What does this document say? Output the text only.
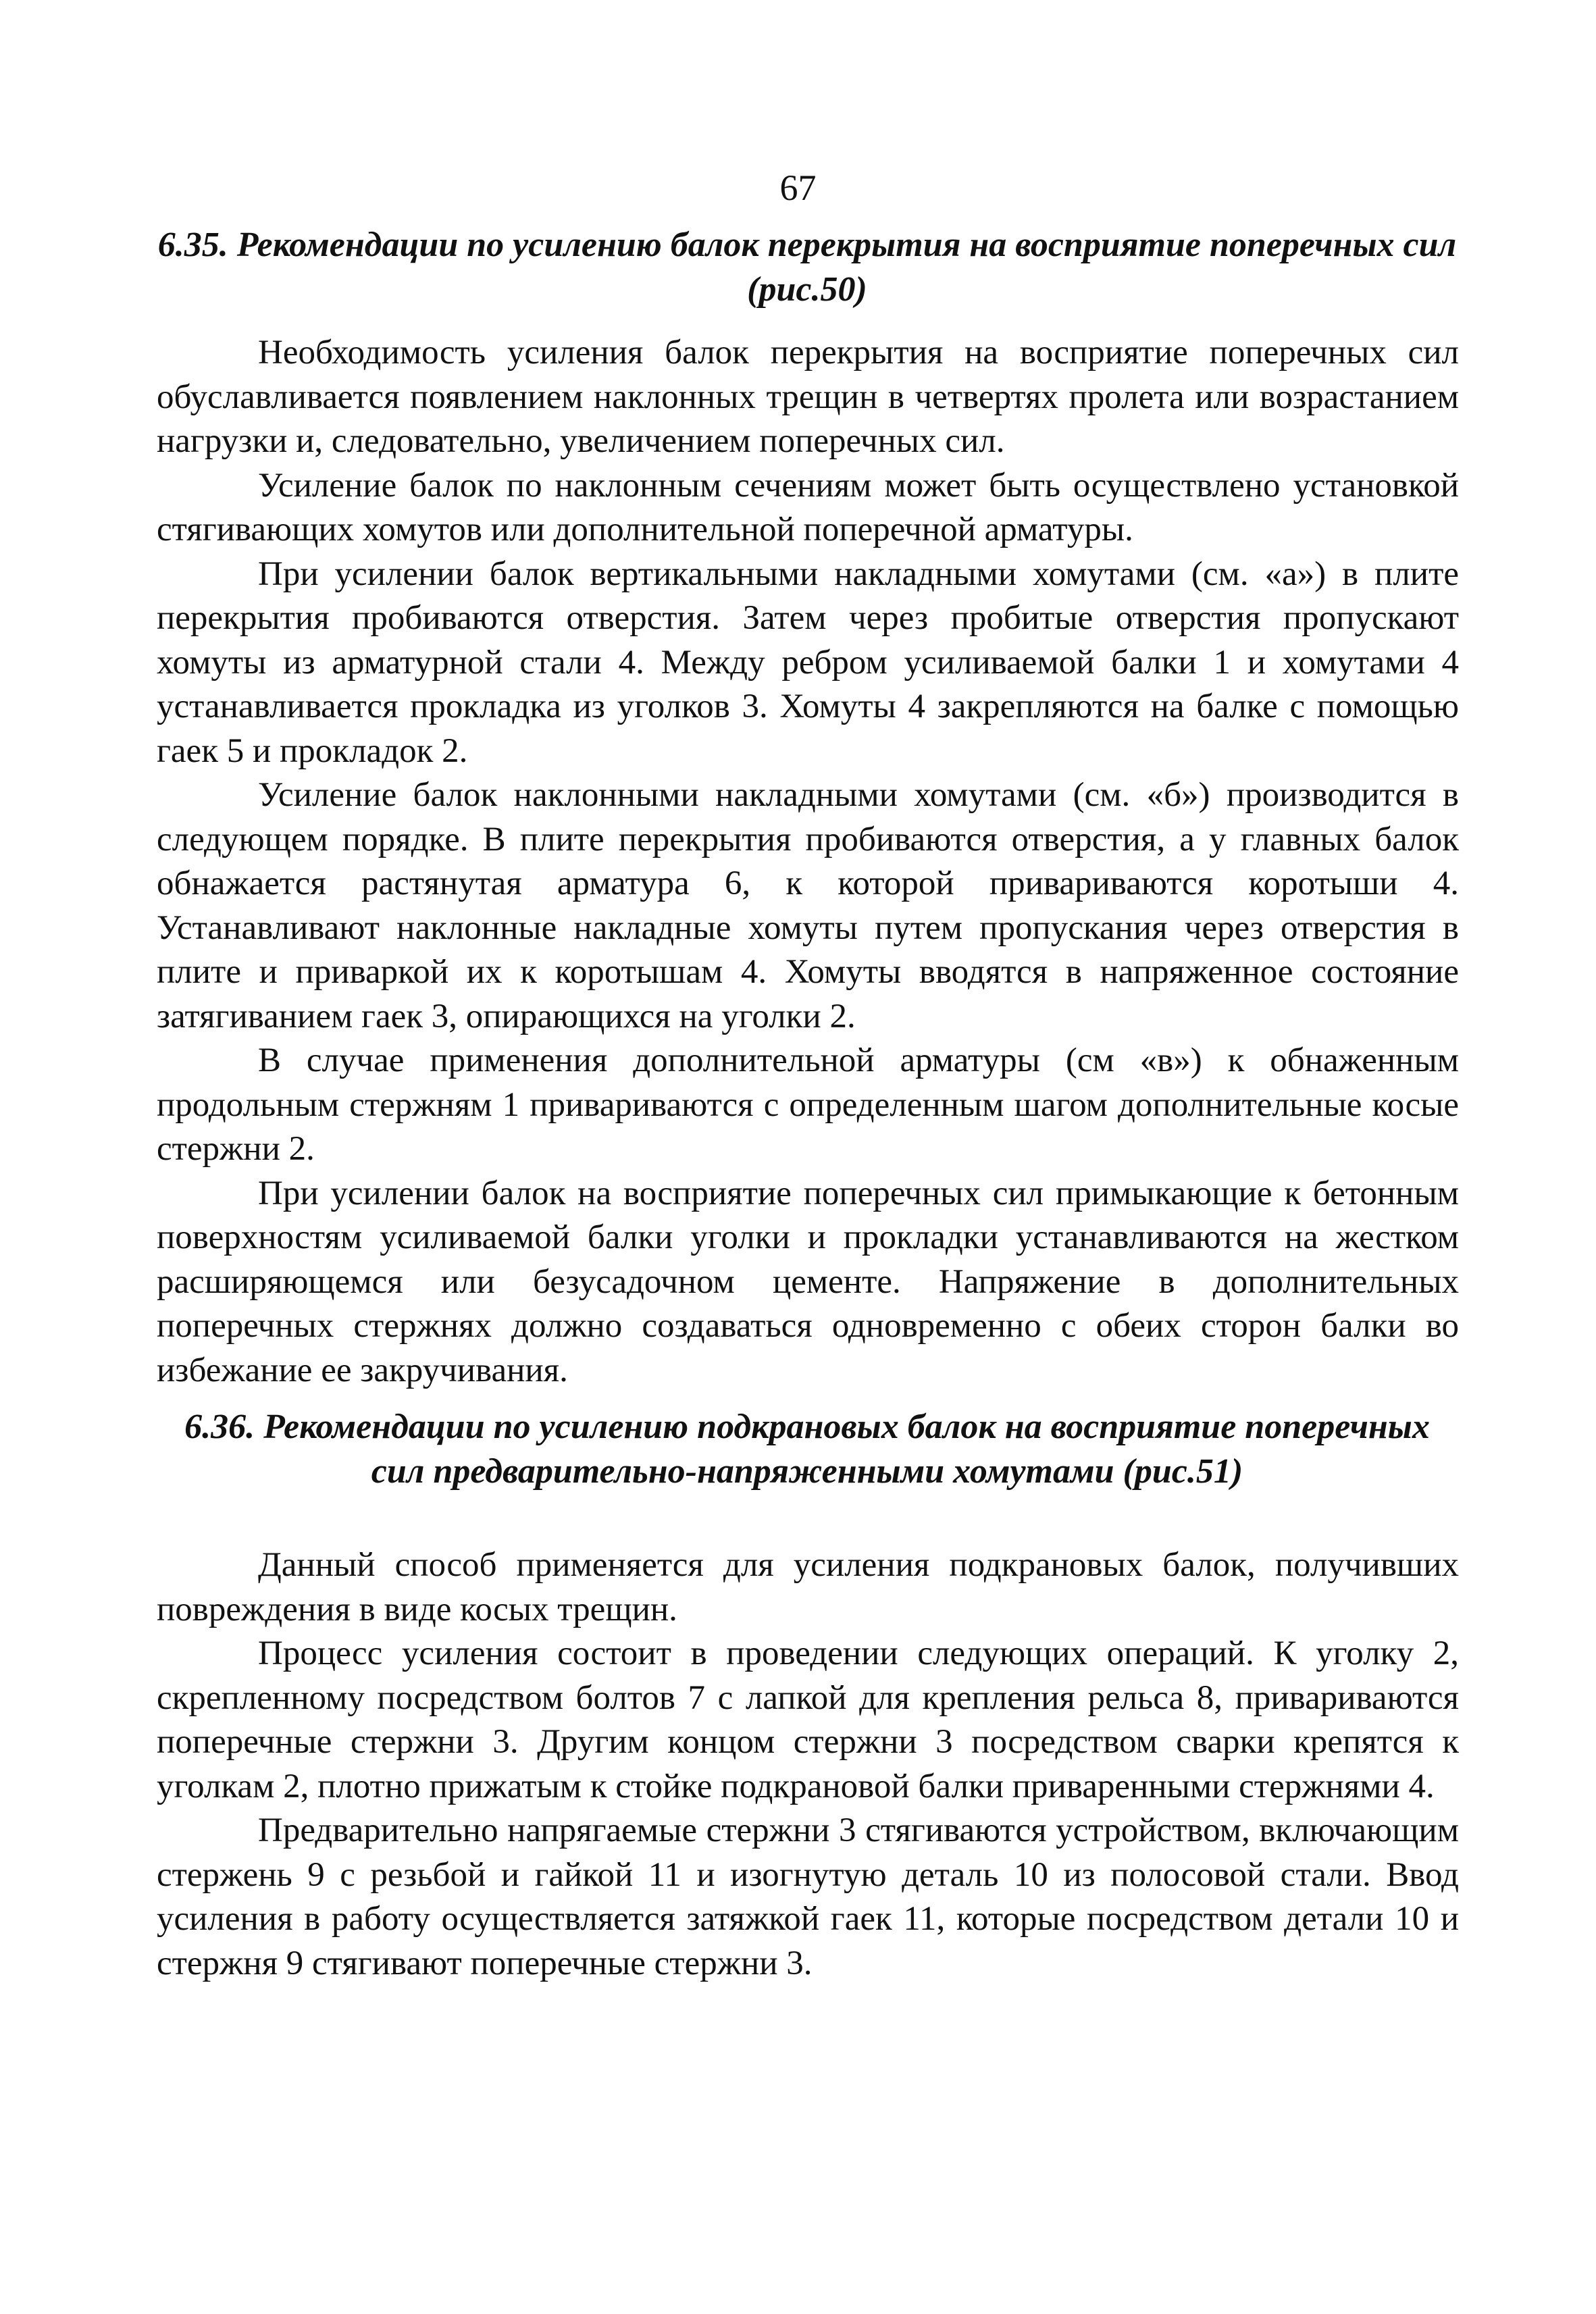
67
6.35. Рекомендации по усилению балок перекрытия на восприятие поперечных сил (рис.50)

Необходимость усиления балок перекрытия на восприятие поперечных сил обуславливается появлением наклонных трещин в четвертях пролета или возрастанием нагрузки и, следовательно, увеличением поперечных сил.

Усиление балок по наклонным сечениям может быть осуществлено установкой стягивающих хомутов или дополнительной поперечной арматуры.

При усилении балок вертикальными накладными хомутами (см. «а») в плите перекрытия пробиваются отверстия. Затем через пробитые отверстия пропускают хомуты из арматурной стали 4. Между ребром усиливаемой балки 1 и хомутами 4 устанавливается прокладка из уголков 3. Хомуты 4 закрепляются на балке с помощью гаек 5 и прокладок 2.

Усиление балок наклонными накладными хомутами (см. «б») производится в следующем порядке. В плите перекрытия пробиваются отверстия, а у главных балок обнажается растянутая арматура 6, к которой привариваются коротыши 4. Устанавливают наклонные накладные хомуты путем пропускания через отверстия в плите и приваркой их к коротышам 4. Хомуты вводятся в напряженное состояние затягиванием гаек 3, опирающихся на уголки 2.

В случае применения дополнительной арматуры (см «в») к обнаженным продольным стержням 1 привариваются с определенным шагом дополнительные косые стержни 2.

При усилении балок на восприятие поперечных сил примыкающие к бетонным поверхностям усиливаемой балки уголки и прокладки устанавливаются на жестком расширяющемся или безусадочном цементе. Напряжение в дополнительных поперечных стержнях должно создаваться одновременно с обеих сторон балки во избежание ее закручивания.

6.36. Рекомендации по усилению подкрановых балок на восприятие поперечных сил предварительно-напряженными хомутами (рис.51)

Данный способ применяется для усиления подкрановых балок, получивших повреждения в виде косых трещин.

Процесс усиления состоит в проведении следующих операций. К уголку 2, скрепленному посредством болтов 7 с лапкой для крепления рельса 8, привариваются поперечные стержни 3. Другим концом стержни 3 посредством сварки крепятся к уголкам 2, плотно прижатым к стойке подкрановой балки приваренными стержнями 4.

Предварительно напрягаемые стержни 3 стягиваются устройством, включающим стержень 9 с резьбой и гайкой 11 и изогнутую деталь 10 из полосовой стали. Ввод усиления в работу осуществляется затяжкой гаек 11, которые посредством детали 10 и стержня 9 стягивают поперечные стержни 3.
